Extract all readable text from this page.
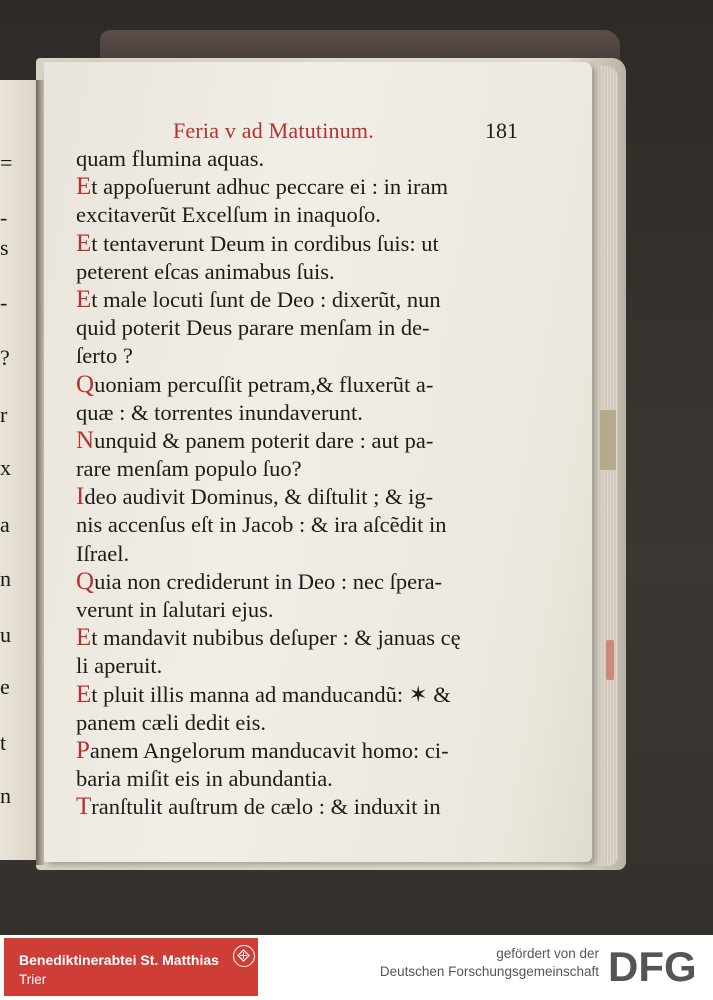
=
-
s
-
?
r
x
a
n
u
e
t
n
Feria v ad Matutinum.	181
quam flumina aquas.
Et appoſuerunt adhuc peccare ei : in iram
excitaverũt Excelſum in inaquoſo.
Et tentaverunt Deum in cordibus ſuis: ut
peterent eſcas animabus ſuis.
Et male locuti ſunt de Deo : dixerũt, nun
quid poterit Deus parare menſam in de-
ſerto ?
Quoniam percuſſit petram,& fluxerũt a-
quæ : & torrentes inundaverunt.
Nunquid & panem poterit dare : aut pa-
rare menſam populo ſuo?
Ideo audivit Dominus, & diſtulit ; & ig-
nis accenſus eſt in Jacob : & ira aſcẽdit in
Iſrael.
Quia non crediderunt in Deo : nec ſpera-
verunt in ſalutari ejus.
Et mandavit nubibus deſuper : & januas cę
li aperuit.
Et pluit illis manna ad manducandũ: ✶ &
panem cæli dedit eis.
Panem Angelorum manducavit homo: ci-
baria miſit eis in abundantia.
Tranſtulit auſtrum de cælo : & induxit in
Benediktinerabtei St. Matthias
Trier
gefördert von der
Deutschen Forschungsgemeinschaft DFG
